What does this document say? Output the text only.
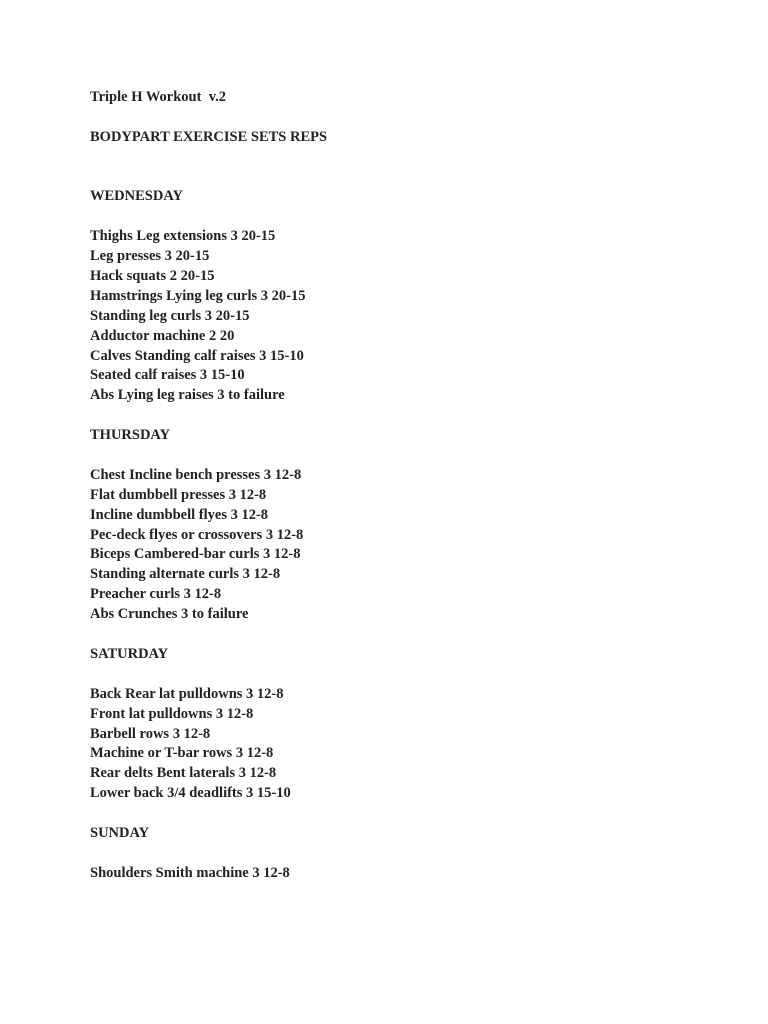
Triple H Workout  v.2
BODYPART EXERCISE SETS REPS
WEDNESDAY
Thighs Leg extensions 3 20-15
Leg presses 3 20-15
Hack squats 2 20-15
Hamstrings Lying leg curls 3 20-15
Standing leg curls 3 20-15
Adductor machine 2 20
Calves Standing calf raises 3 15-10
Seated calf raises 3 15-10
Abs Lying leg raises 3 to failure
THURSDAY
Chest Incline bench presses 3 12-8
Flat dumbbell presses 3 12-8
Incline dumbbell flyes 3 12-8
Pec-deck flyes or crossovers 3 12-8
Biceps Cambered-bar curls 3 12-8
Standing alternate curls 3 12-8
Preacher curls 3 12-8
Abs Crunches 3 to failure
SATURDAY
Back Rear lat pulldowns 3 12-8
Front lat pulldowns 3 12-8
Barbell rows 3 12-8
Machine or T-bar rows 3 12-8
Rear delts Bent laterals 3 12-8
Lower back 3/4 deadlifts 3 15-10
SUNDAY
Shoulders Smith machine 3 12-8
